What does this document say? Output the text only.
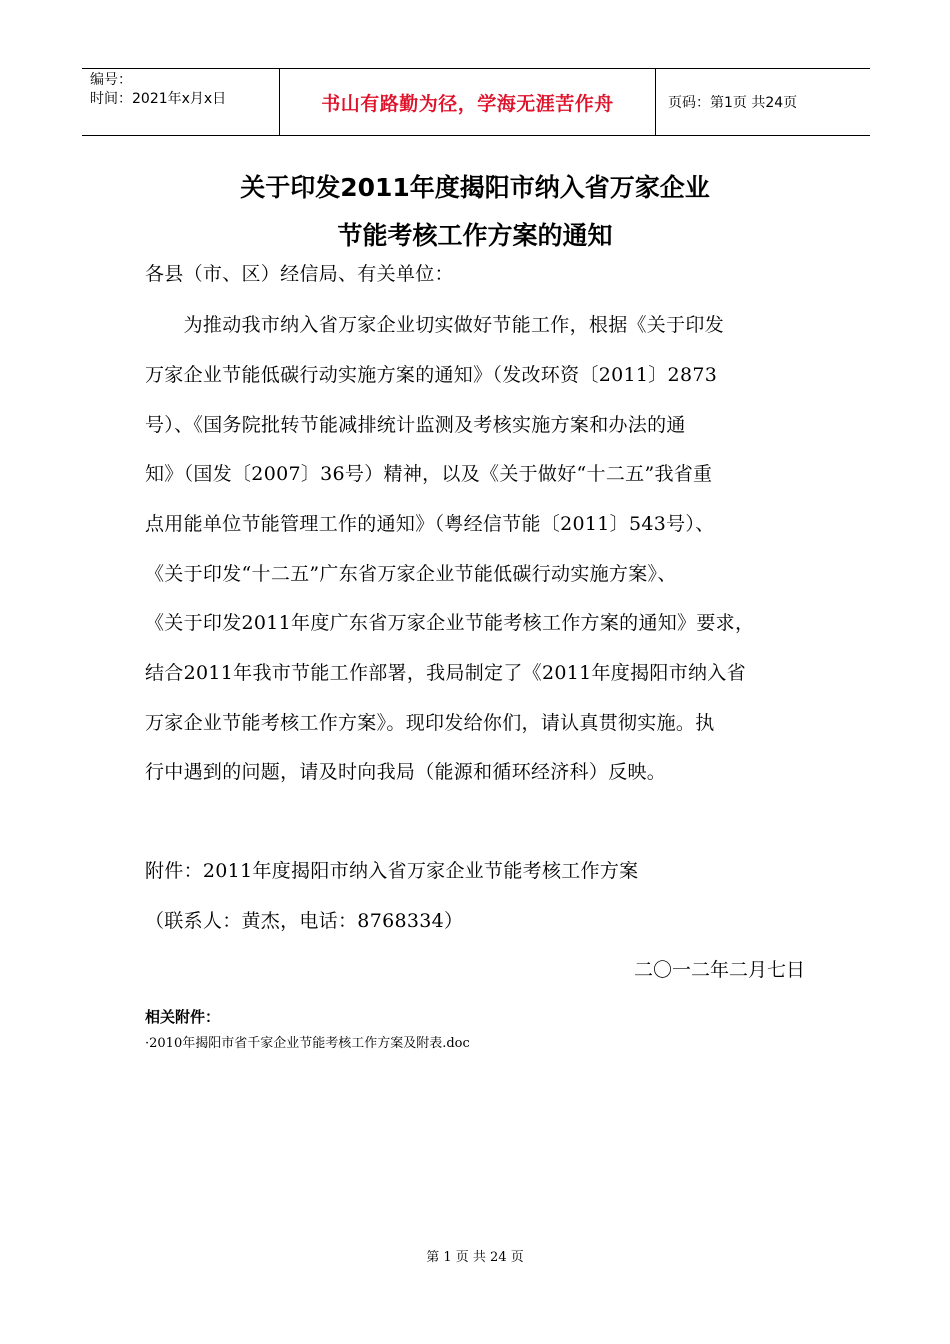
编号：
时间：2021年x月x日	书山有路勤为径，学海无涯苦作舟	页码：第1页 共24页
关于印发2011年度揭阳市纳入省万家企业
节能考核工作方案的通知
各县（市、区）经信局、有关单位：
　　为推动我市纳入省万家企业切实做好节能工作，根据《关于印发
万家企业节能低碳行动实施方案的通知》（发改环资〔2011〕2873
号）、《国务院批转节能减排统计监测及考核实施方案和办法的通
知》（国发〔2007〕36号）精神，以及《关于做好“十二五”我省重
点用能单位节能管理工作的通知》（粤经信节能〔2011〕543号）、
《关于印发“十二五”广东省万家企业节能低碳行动实施方案》、
《关于印发2011年度广东省万家企业节能考核工作方案的通知》要求，
结合2011年我市节能工作部署，我局制定了《2011年度揭阳市纳入省
万家企业节能考核工作方案》。现印发给你们，请认真贯彻实施。执
行中遇到的问题，请及时向我局（能源和循环经济科）反映。
附件：2011年度揭阳市纳入省万家企业节能考核工作方案
（联系人：黄杰，电话：8768334）
二〇一二年二月七日
相关附件：
·2010年揭阳市省千家企业节能考核工作方案及附表.doc
第 1 页 共 24 页
